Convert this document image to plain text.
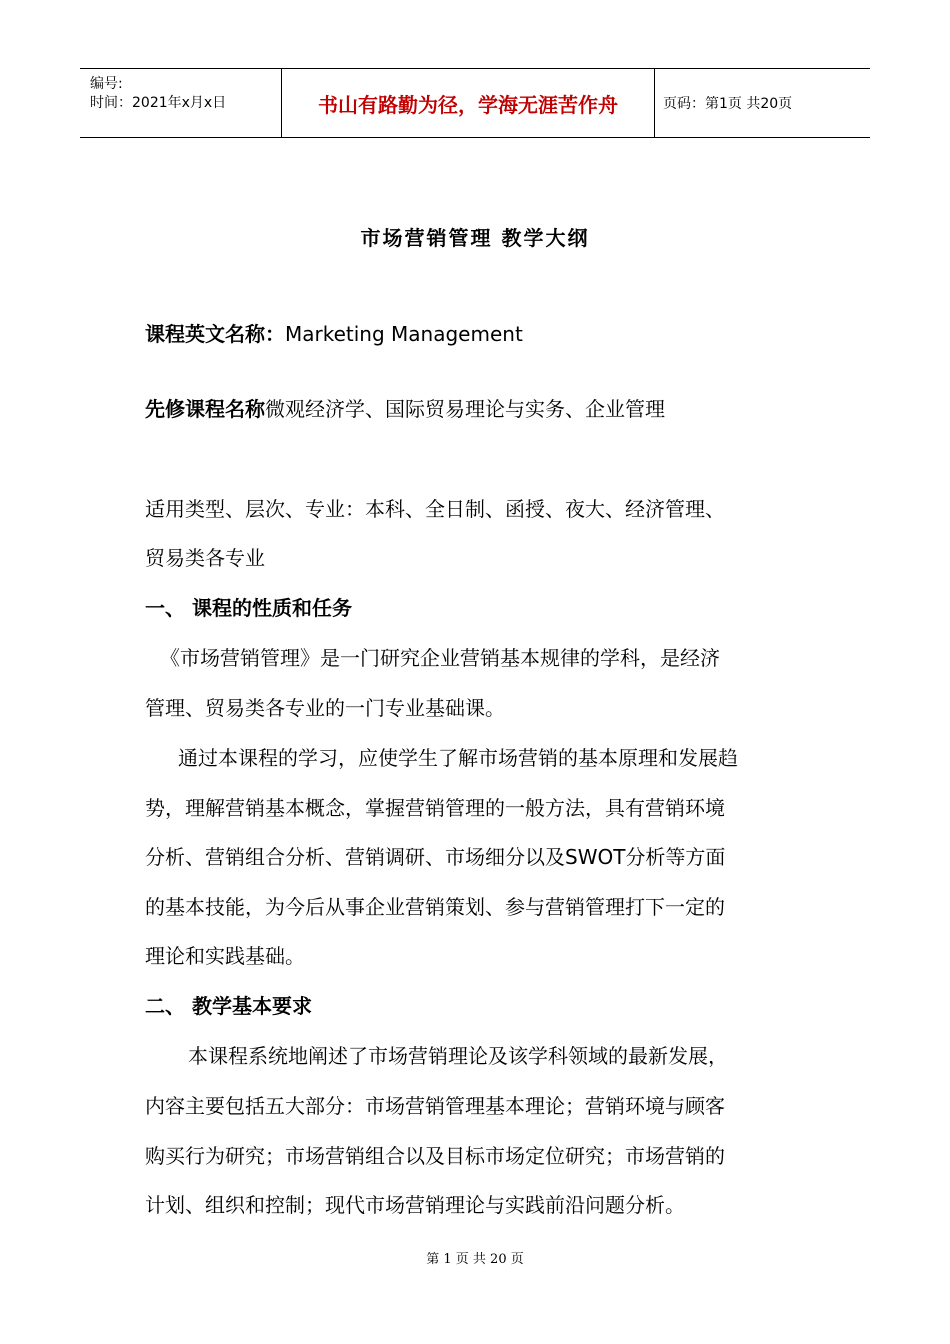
编号:
时间：2021年x月x日	书山有路勤为径，学海无涯苦作舟	页码：第1页 共20页
市场营销管理 教学大纲
课程英文名称：Marketing Management
先修课程名称微观经济学、国际贸易理论与实务、企业管理
适用类型、层次、专业：本科、全日制、函授、夜大、经济管理、
贸易类各专业
一、 课程的性质和任务
《市场营销管理》是一门研究企业营销基本规律的学科，是经济
管理、贸易类各专业的一门专业基础课。
通过本课程的学习，应使学生了解市场营销的基本原理和发展趋
势，理解营销基本概念，掌握营销管理的一般方法，具有营销环境
分析、营销组合分析、营销调研、市场细分以及SWOT分析等方面
的基本技能，为今后从事企业营销策划、参与营销管理打下一定的
理论和实践基础。
二、 教学基本要求
本课程系统地阐述了市场营销理论及该学科领域的最新发展，
内容主要包括五大部分：市场营销管理基本理论；营销环境与顾客
购买行为研究；市场营销组合以及目标市场定位研究；市场营销的
计划、组织和控制；现代市场营销理论与实践前沿问题分析。
第 1 页 共 20 页
